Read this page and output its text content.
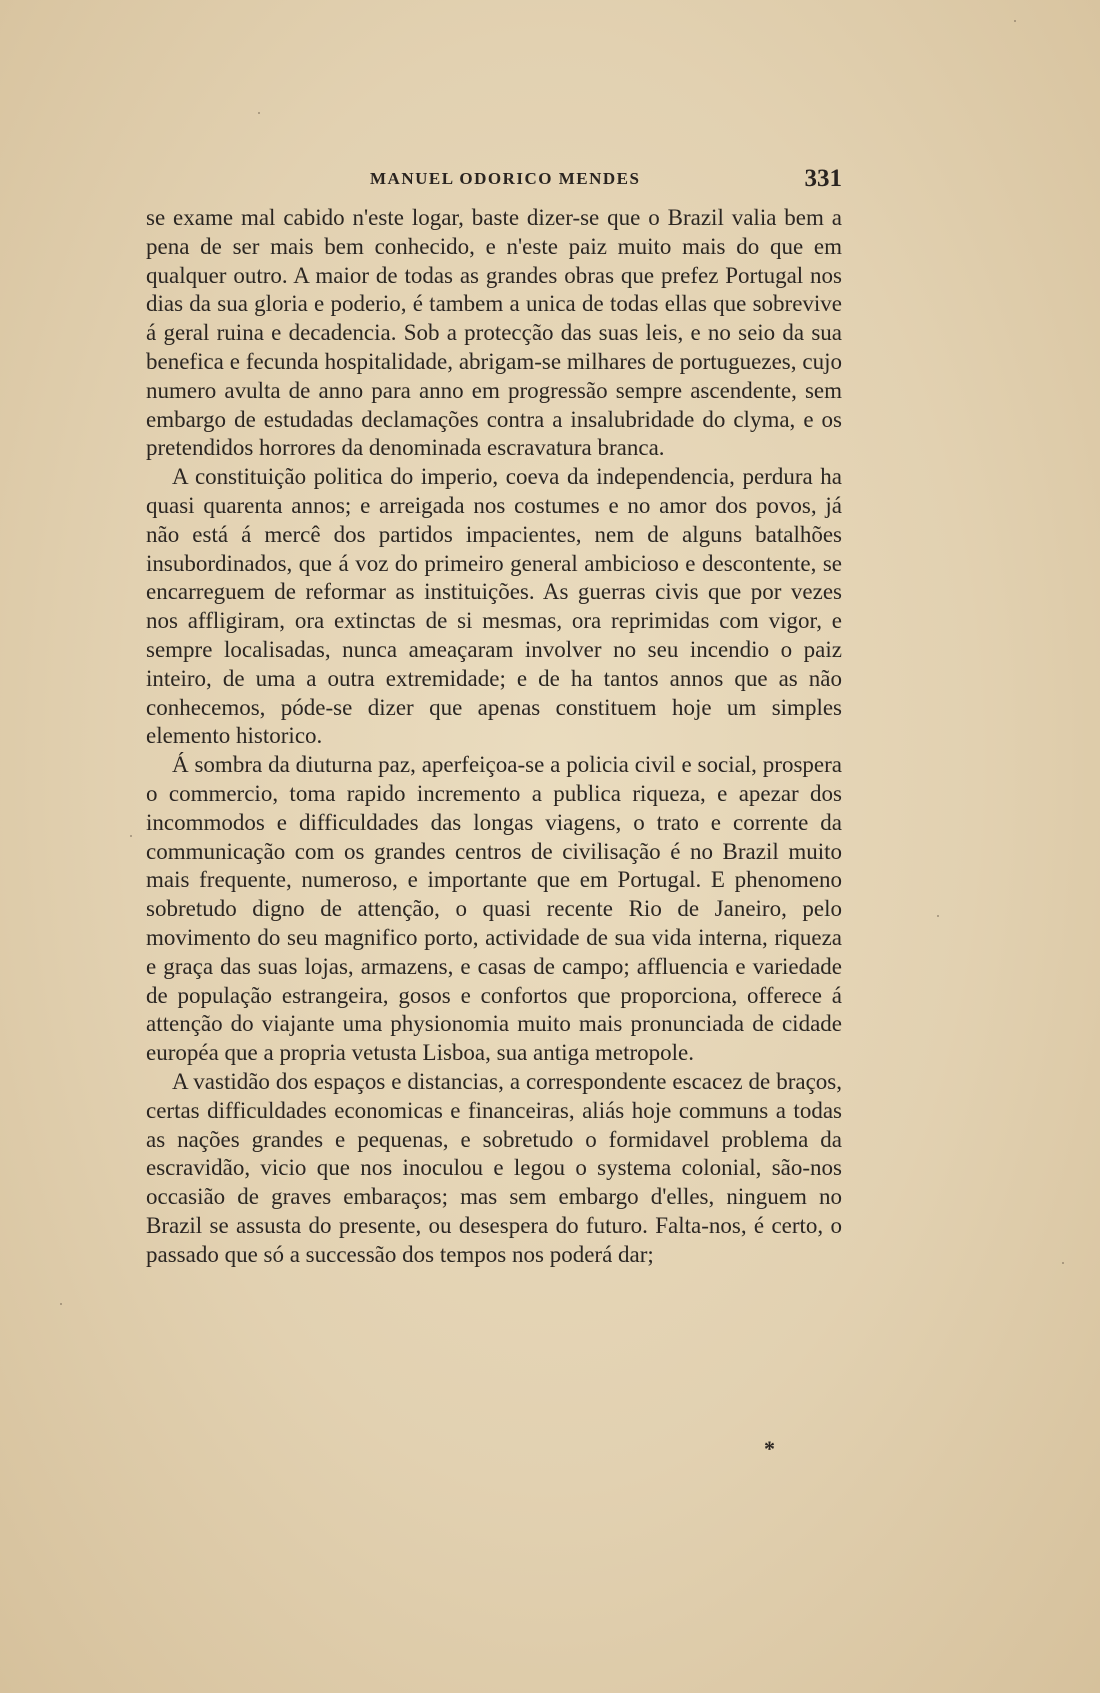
MANUEL ODORICO MENDES	331

se exame mal cabido n'este logar, baste dizer-se que o Brazil valia bem a pena de ser mais bem conhecido, e n'este paiz muito mais do que em qualquer outro. A maior de todas as grandes obras que prefez Portugal nos dias da sua gloria e poderio, é tambem a unica de todas ellas que sobrevive á geral ruina e decadencia. Sob a protecção das suas leis, e no seio da sua benefica e fecunda hospitalidade, abrigam-se milhares de portuguezes, cujo numero avulta de anno para anno em progressão sempre ascendente, sem embargo de estudadas declamações contra a insalubridade do clyma, e os pretendidos horrores da denominada escravatura branca.

A constituição politica do imperio, coeva da independencia, perdura ha quasi quarenta annos; e arreigada nos costumes e no amor dos povos, já não está á mercê dos partidos impacientes, nem de alguns batalhões insubordinados, que á voz do primeiro general ambicioso e descontente, se encarreguem de reformar as instituições. As guerras civis que por vezes nos affligiram, ora extinctas de si mesmas, ora reprimidas com vigor, e sempre localisadas, nunca ameaçaram involver no seu incendio o paiz inteiro, de uma a outra extremidade; e de ha tantos annos que as não conhecemos, póde-se dizer que apenas constituem hoje um simples elemento historico.

Á sombra da diuturna paz, aperfeiçoa-se a policia civil e social, prospera o commercio, toma rapido incremento a publica riqueza, e apezar dos incommodos e difficuldades das longas viagens, o trato e corrente da communicação com os grandes centros de civilisação é no Brazil muito mais frequente, numeroso, e importante que em Portugal. E phenomeno sobretudo digno de attenção, o quasi recente Rio de Janeiro, pelo movimento do seu magnifico porto, actividade de sua vida interna, riqueza e graça das suas lojas, armazens, e casas de campo; affluencia e variedade de população estrangeira, gosos e confortos que proporciona, offerece á attenção do viajante uma physionomia muito mais pronunciada de cidade européa que a propria vetusta Lisboa, sua antiga metropole.

A vastidão dos espaços e distancias, a correspondente escacez de braços, certas difficuldades economicas e financeiras, aliás hoje communs a todas as nações grandes e pequenas, e sobretudo o formidavel problema da escravidão, vicio que nos inoculou e legou o systema colonial, são-nos occasião de graves embaraços; mas sem embargo d'elles, ninguem no Brazil se assusta do presente, ou desespera do futuro. Falta-nos, é certo, o passado que só a successão dos tempos nos poderá dar;

*
